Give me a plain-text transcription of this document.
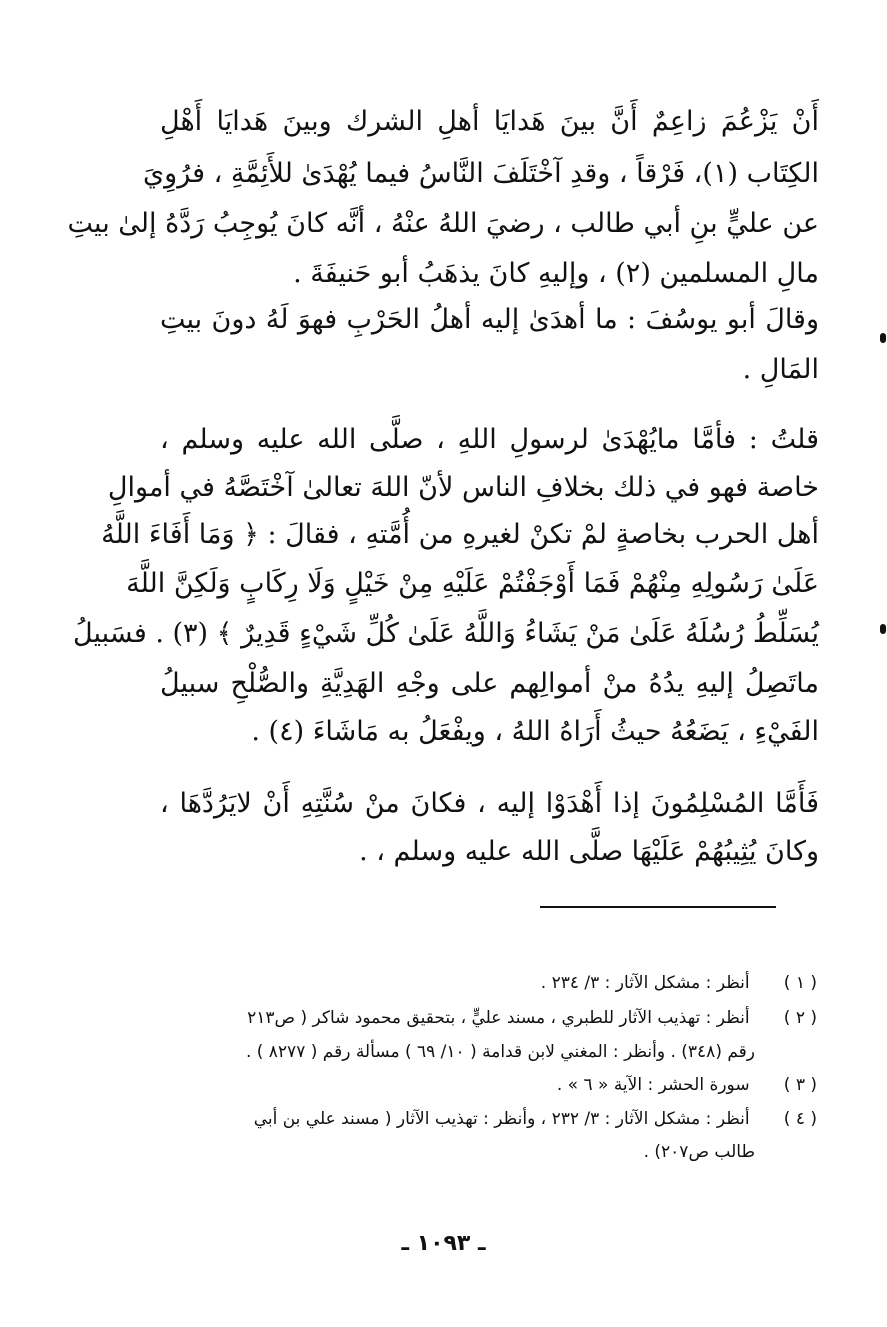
أَنْ يَزْعُمَ زاعِمٌ أَنَّ بينَ هَدايَا أهلِ الشرك وبينَ هَدايَا أَهْلِ
الكِتَاب (١)، فَرْقاً ، وقدِ آخْتَلَفَ النَّاسُ فيما يُهْدَىٰ للأَئِمَّةِ ، فرُوِيَ
عن عليٍّ بنِ أبي طالب ، رضيَ اللهُ عنْهُ ، أنَّه كانَ يُوجِبُ رَدَّهُ إلىٰ بيتِ
مالِ المسلمين (٢) ، وإليهِ كانَ يذهَبُ أبو حَنيفَةَ .
وقالَ أبو يوسُفَ : ما أهدَىٰ إليه أهلُ الحَرْبِ فهوَ لَهُ دونَ بيتِ
المَالِ .
قلتُ : فأمَّا مايُهْدَىٰ لرسولِ اللهِ ، صلَّى الله عليه وسلم ،
خاصة فهو في ذلك بخلافِ الناس لأنّ اللهَ تعالىٰ آخْتَصَّهُ في أموالِ
أهل الحرب بخاصةٍ لمْ تكنْ لغيرهِ من أُمَّتهِ ، فقالَ : ﴿ وَمَا أَفَاءَ اللَّهُ
عَلَىٰ رَسُولِهِ مِنْهُمْ فَمَا أَوْجَفْتُمْ عَلَيْهِ مِنْ خَيْلٍ وَلَا رِكَابٍ وَلَكِنَّ اللَّهَ
يُسَلِّطُ رُسُلَهُ عَلَىٰ مَنْ يَشَاءُ وَاللَّهُ عَلَىٰ كُلِّ شَيْءٍ قَدِيرٌ ﴾ (٣) . فسَبيلُ
ماتَصِلُ إليهِ يدُهُ منْ أموالِهم على وجْهِ الهَدِيَّةِ والصُّلْحِ سبيلُ
الفَيْءِ ، يَضَعُهُ حيثُ أَرَاهُ اللهُ ، ويفْعَلُ به مَاشَاءَ (٤) .
فَأَمَّا المُسْلِمُونَ إذا أَهْدَوْا إليه ، فكانَ منْ سُنَّتِهِ أَنْ لايَرُدَّهَا ،
وكانَ يُثِيبُهُمْ عَلَيْهَا صلَّى الله عليه وسلم ، .
( ١ ) أنظر : مشكل الآثار : ٣/ ٢٣٤ .
( ٢ ) أنظر : تهذيب الآثار للطبري ، مسند عليٍّ ، بتحقيق محمود شاكر ( ص٢١٣
رقم (٣٤٨) . وأنظر : المغني لابن قدامة ( ١٠/ ٦٩ ) مسألة رقم ( ٨٢٧٧ ) .
( ٣ ) سورة الحشر : الآية « ٦ » .
( ٤ ) أنظر : مشكل الآثار : ٣/ ٢٣٢ ، وأنظر : تهذيب الآثار ( مسند علي بن أبي
طالب ص٢٠٧) .
ـ ١٠٩٣ ـ
